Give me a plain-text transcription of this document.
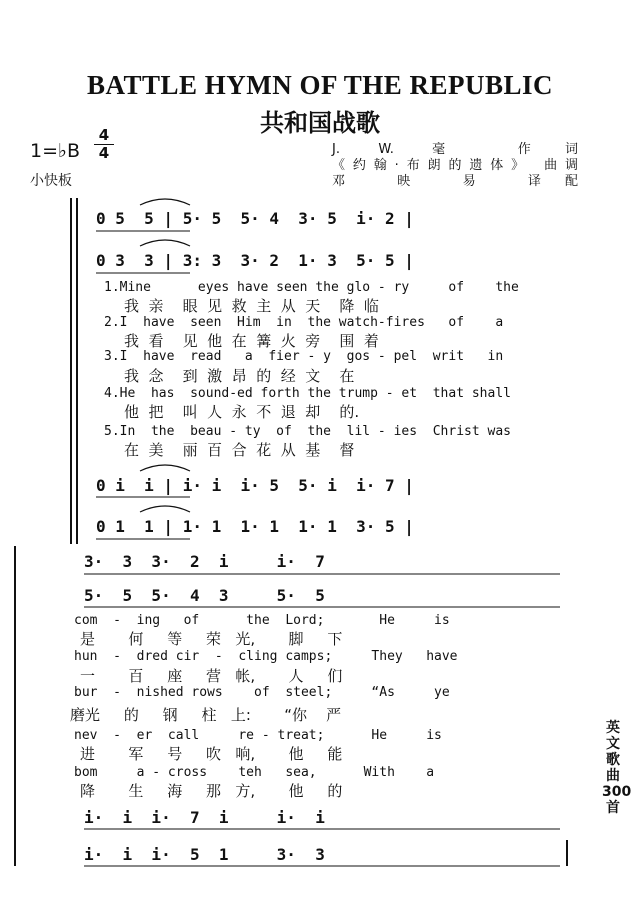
BATTLE HYMN OF THE REPUBLIC
共和国战歌
1=♭B
4
4
小快板
J. W. 毫 作词
《约翰·布朗的遗体》 曲调
邓 映 易 译配
0 5  5 | 5· 5  5· 4  3· 5  i· 2 |
0 3  3 | 3: 3  3· 2  1· 3  5· 5 |
1.Mine      eyes have seen the glo - ry     of    the
我  亲    眼  见  救  主  从  天    降  临
2.I  have  seen  Him  in  the watch-fires   of    a
我  看    见  他  在  篝  火  旁    围  着
3.I  have  read   a  fier - y  gos - pel  writ   in
我  念    到  激  昂  的  经  文    在
4.He  has  sound-ed forth the trump - et  that shall
他  把    叫  人  永  不  退  却    的.
5.In  the  beau - ty  of  the  lil - ies  Christ was
在  美    丽  百  合  花  从  基    督
0 i  i | i· i  i· 5  5· i  i· 7 |
0 1  1 | 1· 1  1· 1  1· 1  3· 5 |
3·  3  3·  2  i     i·  7
5·  5  5·  4  3     5·  5
com  -  ing   of      the  Lord;       He     is
是       何     等     荣   光,       脚     下
hun  -  dred cir  -  cling camps;     They   have
一       百     座     营   帐,       人     们
bur  -  nished rows    of  steel;     “As     ye
磨光     的     钢     柱   上:       “你    严
nev  -  er  call     re - treat;      He     is
进       军     号     吹   响,       他     能
bom     a - cross    teh   sea,      With    a
降       生     海     那   方,       他     的
i·  i  i·  7  i     i·  i
i·  i  i·  5  1     3·  3
英文歌曲300首
